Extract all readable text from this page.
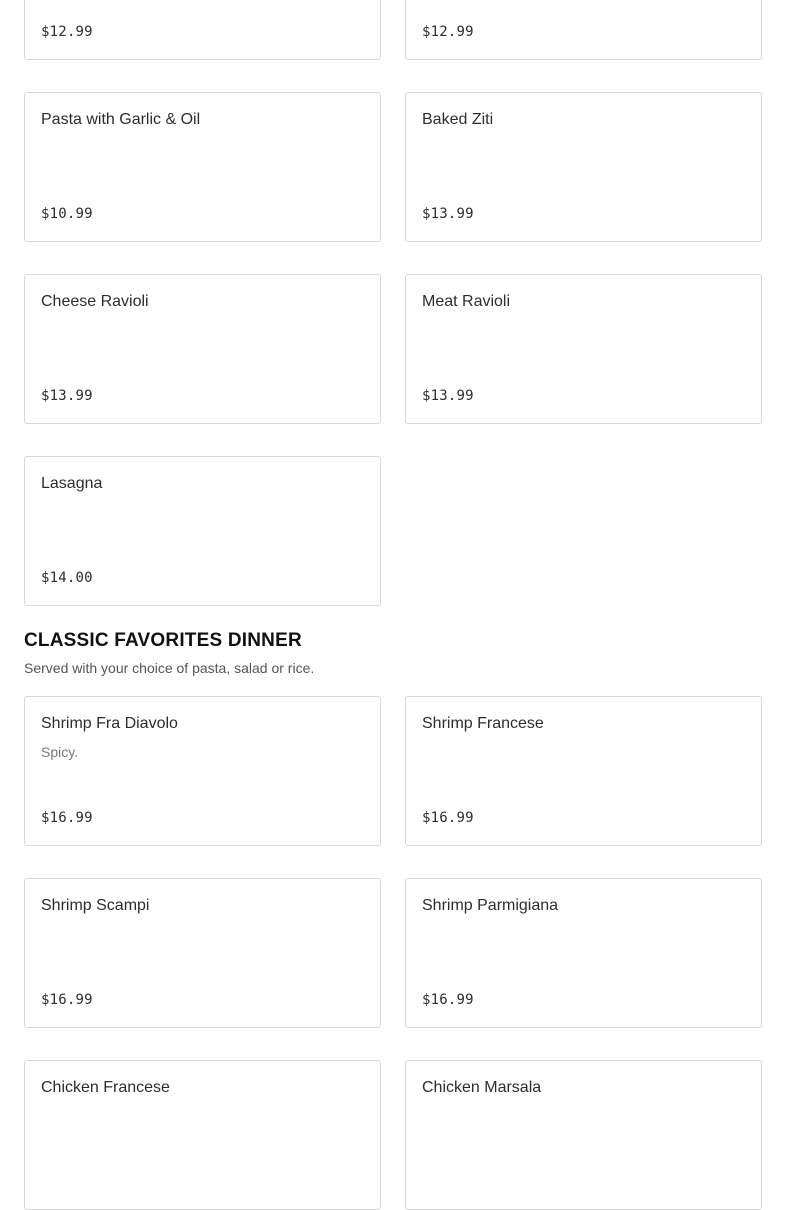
$12.99	$12.99
Pasta with Garlic & Oil
$10.99
Baked Ziti
$13.99
Cheese Ravioli
$13.99
Meat Ravioli
$13.99
Lasagna
$14.00
CLASSIC FAVORITES DINNER
Served with your choice of pasta, salad or rice.
Shrimp Fra Diavolo
Spicy.
$16.99
Shrimp Francese
$16.99
Shrimp Scampi
$16.99
Shrimp Parmigiana
$16.99
Chicken Francese	Chicken Marsala
